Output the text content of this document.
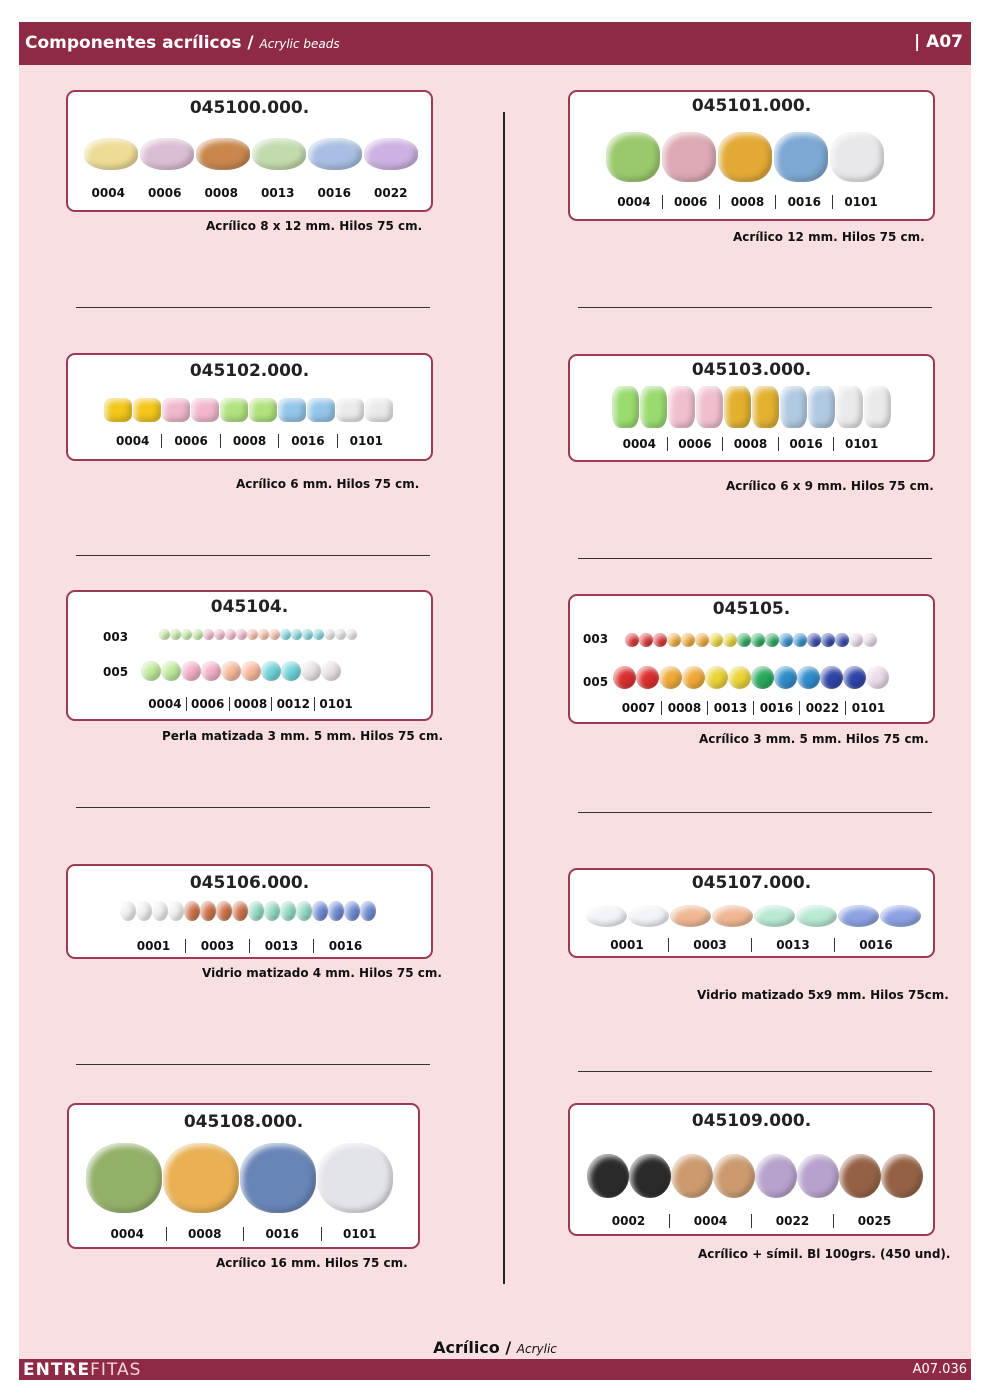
Componentes acrílicos / Acrylic beads	| A07
045100.000.
0004	0006	0008	0013	0016	0022
Acrílico 8 x 12 mm. Hilos 75 cm.
045101.000.
0004	0006	0008	0016	0101
Acrílico 12 mm. Hilos 75 cm.
045102.000.
0004	0006	0008	0016	0101
Acrílico 6 mm. Hilos 75 cm.
045103.000.
0004	0006	0008	0016	0101
Acrílico 6 x 9 mm. Hilos 75 cm.
045104.
003
005
0004 0006 0008 0012 0101
Perla matizada 3 mm. 5 mm. Hilos 75 cm.
045105.
003
005
0007	0008	0013	0016	0022	0101
Acrílico 3 mm. 5 mm. Hilos 75 cm.
045106.000.
0001	0003	0013	0016
Vidrio matizado 4 mm. Hilos 75 cm.
045107.000.
0001	0003	0013	0016
Vidrio matizado 5x9 mm. Hilos 75cm.
045108.000.
0004	0008	0016	0101
Acrílico 16 mm. Hilos 75 cm.
045109.000.
0002	0004	0022	0025
Acrílico + símil. Bl 100grs. (450 und).
Acrílico / Acrylic
ENTREFITAS	A07.036
